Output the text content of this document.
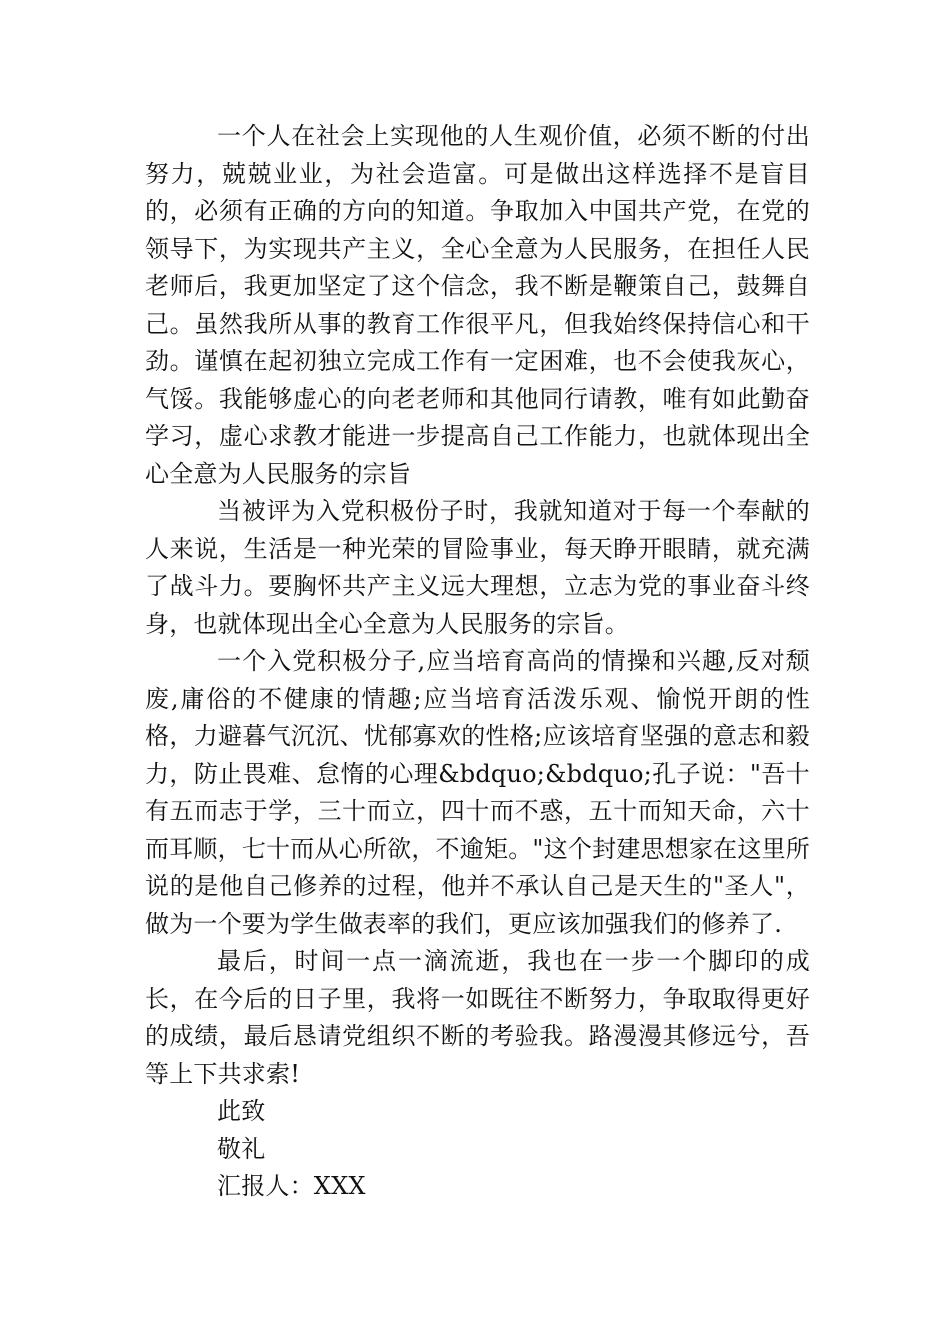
一个人在社会上实现他的人生观价值，必须不断的付出努力，兢兢业业，为社会造富。可是做出这样选择不是盲目的，必须有正确的方向的知道。争取加入中国共产党，在党的领导下，为实现共产主义，全心全意为人民服务，在担任人民老师后，我更加坚定了这个信念，我不断是鞭策自己，鼓舞自己。虽然我所从事的教育工作很平凡，但我始终保持信心和干劲。谨慎在起初独立完成工作有一定困难，也不会使我灰心，气馁。我能够虚心的向老老师和其他同行请教，唯有如此勤奋学习，虚心求教才能进一步提高自己工作能力，也就体现出全心全意为人民服务的宗旨

当被评为入党积极份子时，我就知道对于每一个奉献的人来说，生活是一种光荣的冒险事业，每天睁开眼睛，就充满了战斗力。要胸怀共产主义远大理想，立志为党的事业奋斗终身，也就体现出全心全意为人民服务的宗旨。

一个入党积极分子,应当培育高尚的情操和兴趣,反对颓废,庸俗的不健康的情趣;应当培育活泼乐观、愉悦开朗的性格，力避暮气沉沉、忧郁寡欢的性格;应该培育坚强的意志和毅力，防止畏难、怠惰的心理&bdquo;&bdquo;孔子说："吾十有五而志于学，三十而立，四十而不惑，五十而知天命，六十而耳顺，七十而从心所欲，不逾矩。"这个封建思想家在这里所说的是他自己修养的过程，他并不承认自己是天生的"圣人"，做为一个要为学生做表率的我们，更应该加强我们的修养了.

最后，时间一点一滴流逝，我也在一步一个脚印的成长，在今后的日子里，我将一如既往不断努力，争取取得更好的成绩，最后恳请党组织不断的考验我。路漫漫其修远兮，吾等上下共求索!

此致

敬礼

汇报人：XXX
